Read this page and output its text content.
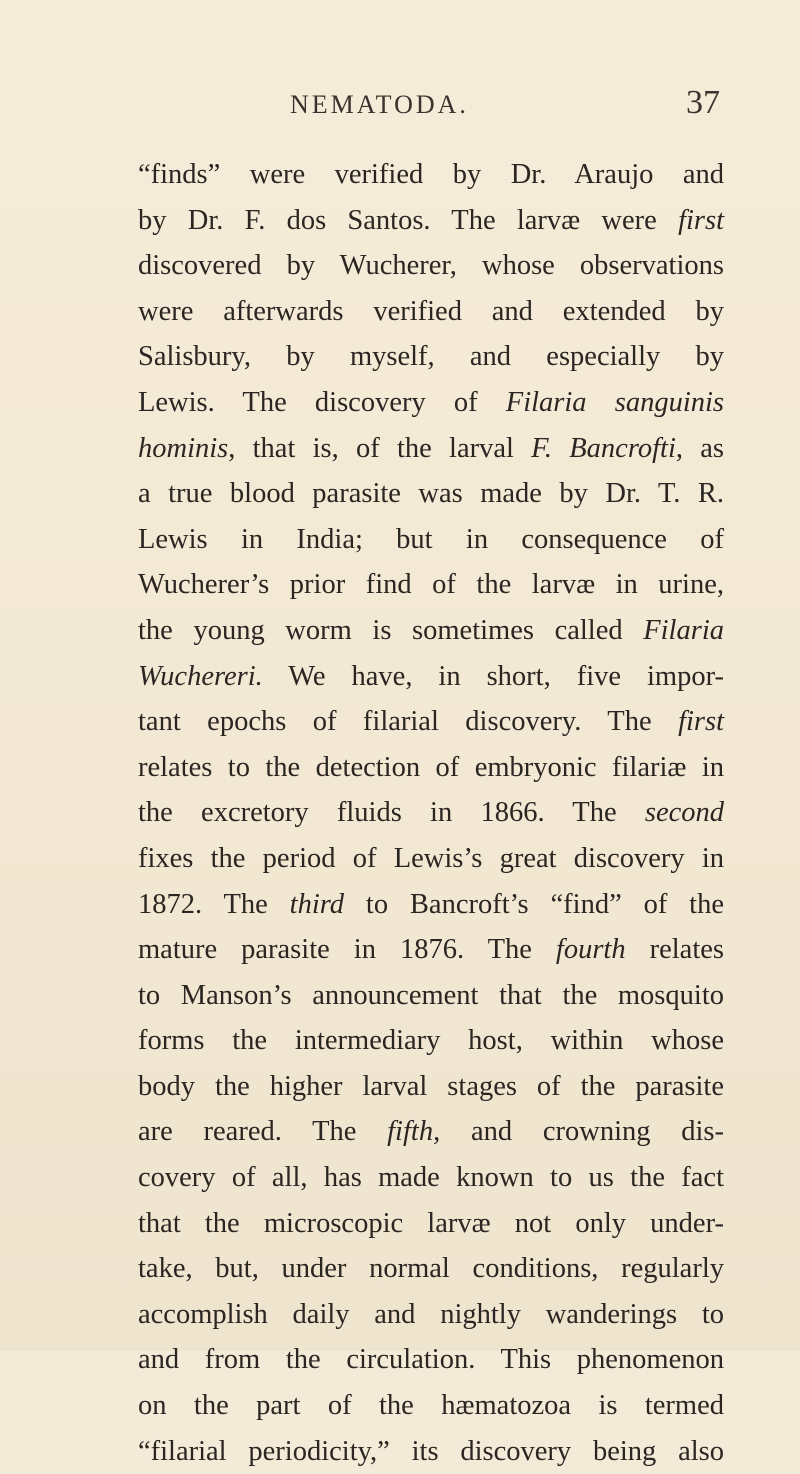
NEMATODA.	37
“finds” were verified by Dr. Araujo and
by Dr. F. dos Santos. The larvæ were first
discovered by Wucherer, whose observations
were afterwards verified and extended by
Salisbury, by myself, and especially by
Lewis. The discovery of Filaria sanguinis
hominis, that is, of the larval F. Bancrofti, as
a true blood parasite was made by Dr. T. R.
Lewis in India; but in consequence of
Wucherer’s prior find of the larvæ in urine,
the young worm is sometimes called Filaria
Wuchereri. We have, in short, five impor-
tant epochs of filarial discovery. The first
relates to the detection of embryonic filariæ in
the excretory fluids in 1866. The second
fixes the period of Lewis’s great discovery in
1872. The third to Bancroft’s “find” of the
mature parasite in 1876. The fourth relates
to Manson’s announcement that the mosquito
forms the intermediary host, within whose
body the higher larval stages of the parasite
are reared. The fifth, and crowning dis-
covery of all, has made known to us the fact
that the microscopic larvæ not only under-
take, but, under normal conditions, regularly
accomplish daily and nightly wanderings to
and from the circulation. This phenomenon
on the part of the hæmatozoa is termed
“filarial periodicity,” its discovery being also
